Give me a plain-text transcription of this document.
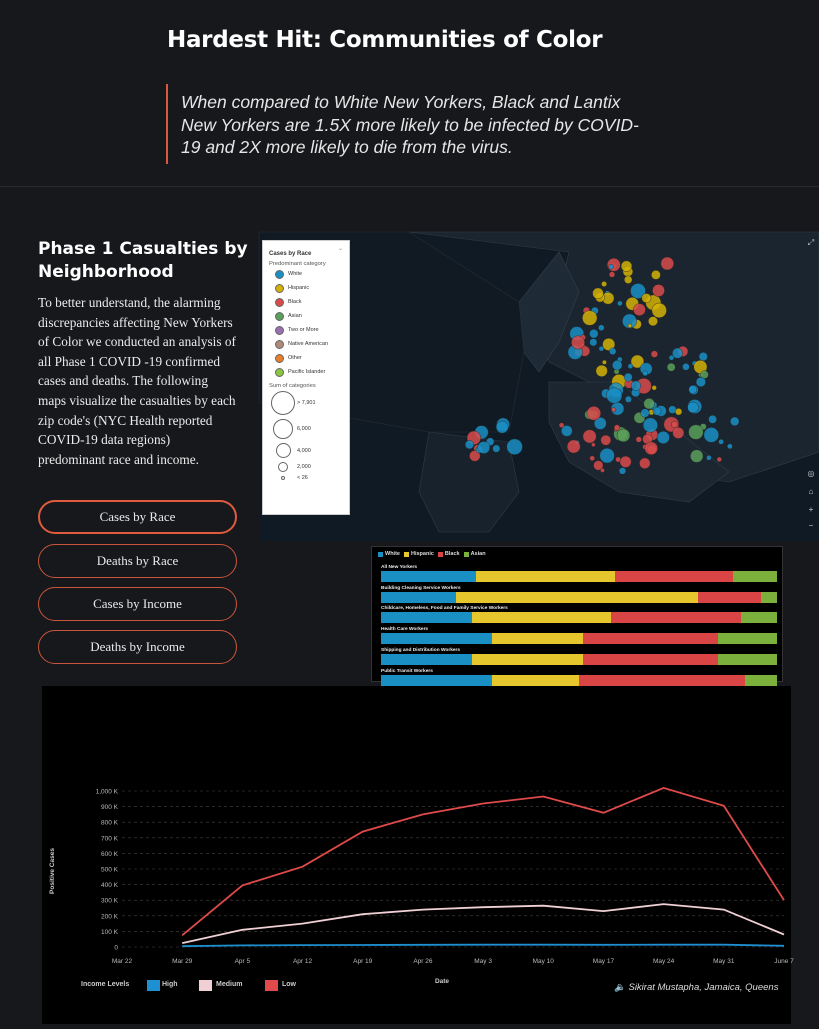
Hardest Hit: Communities of Color
When compared to White New Yorkers, Black and Lantix New Yorkers are 1.5X more likely to be infected by COVID-19 and 2X more likely to die from the virus.
Phase 1 Casualties by Neighborhood
To better understand, the alarming discrepancies affecting New Yorkers of Color we conducted an analysis of all Phase 1 COVID -19 confirmed cases and deaths. The following maps visualize the casualties by each zip code's (NYC Health reported COVID-19 data regions) predominant race and income.
Cases by Race
Deaths by Race
Cases by Income
Deaths by Income
⤢
◎
⌂
+
−
Cases by Race
⌄
Predominant category
White
Hispanic
Black
Asian
Two or More
Native American
Other
Pacific Islander
Sum of categories
> 7,901
6,000
4,000
2,000
< 26
White Hispanic Black Asian
All New Yorkers
Building Cleaning Service Workers
Childcare, Homeless, Food and Family Service Workers
Health Care Workers
Shipping and Distribution Workers
Public Transit Workers
0
100 K
200 K
300 K
400 K
500 K
600 K
700 K
800 K
900 K
1,000 K
Mar 22	Mar 29	Apr 5	Apr 12	Apr 19	Apr 26	May 3	May 10	May 17	May 24	May 31	June 7
Date
Positive Cases
Income Levels	High	Medium	Low	🔈 Sikirat Mustapha, Jamaica, Queens
